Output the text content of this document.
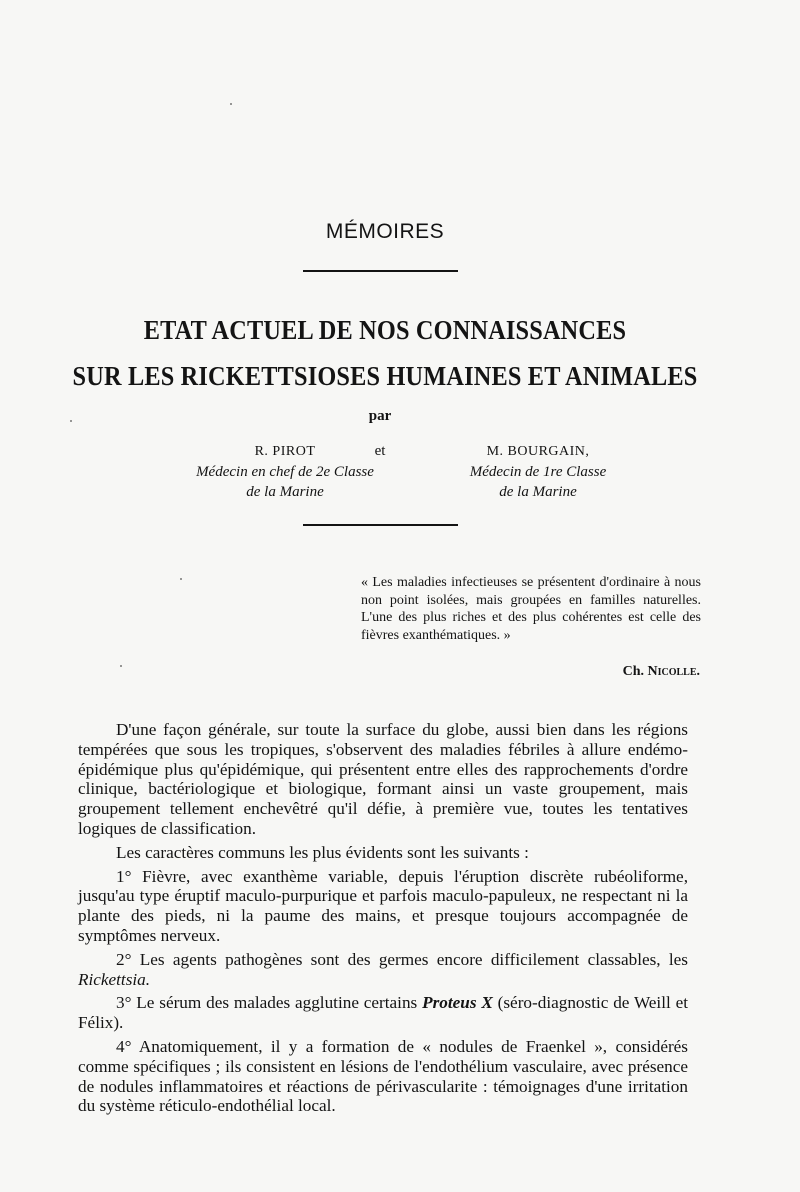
MÉMOIRES
ETAT ACTUEL DE NOS CONNAISSANCES
SUR LES RICKETTSIOSES HUMAINES ET ANIMALES
par
R. PIROT
Médecin en chef de 2e Classe
de la Marine
et	M. BOURGAIN,
Médecin de 1re Classe
de la Marine
« Les maladies infectieuses se présentent d'ordinaire à nous non point isolées, mais groupées en familles naturelles. L'une des plus riches et des plus cohérentes est celle des fièvres exanthématiques. »
Ch. Nicolle.

D'une façon générale, sur toute la surface du globe, aussi bien dans les régions tempérées que sous les tropiques, s'observent des maladies fébriles à allure endémo-épidémique plus qu'épidémique, qui présentent entre elles des rapprochements d'ordre clinique, bactériologique et biologique, formant ainsi un vaste groupement, mais groupement tellement enchevêtré qu'il défie, à première vue, toutes les tentatives logiques de classification.

Les caractères communs les plus évidents sont les suivants :

1° Fièvre, avec exanthème variable, depuis l'éruption discrète rubéoliforme, jusqu'au type éruptif maculo-purpurique et parfois maculo-papuleux, ne respectant ni la plante des pieds, ni la paume des mains, et presque toujours accompagnée de symptômes nerveux.

2° Les agents pathogènes sont des germes encore difficilement classables, les Rickettsia.

3° Le sérum des malades agglutine certains Proteus X (séro-diagnostic de Weill et Félix).

4° Anatomiquement, il y a formation de « nodules de Fraenkel », considérés comme spécifiques ; ils consistent en lésions de l'endothélium vasculaire, avec présence de nodules inflammatoires et réactions de périvascularite : témoignages d'une irritation du système réticulo-endothélial local.
